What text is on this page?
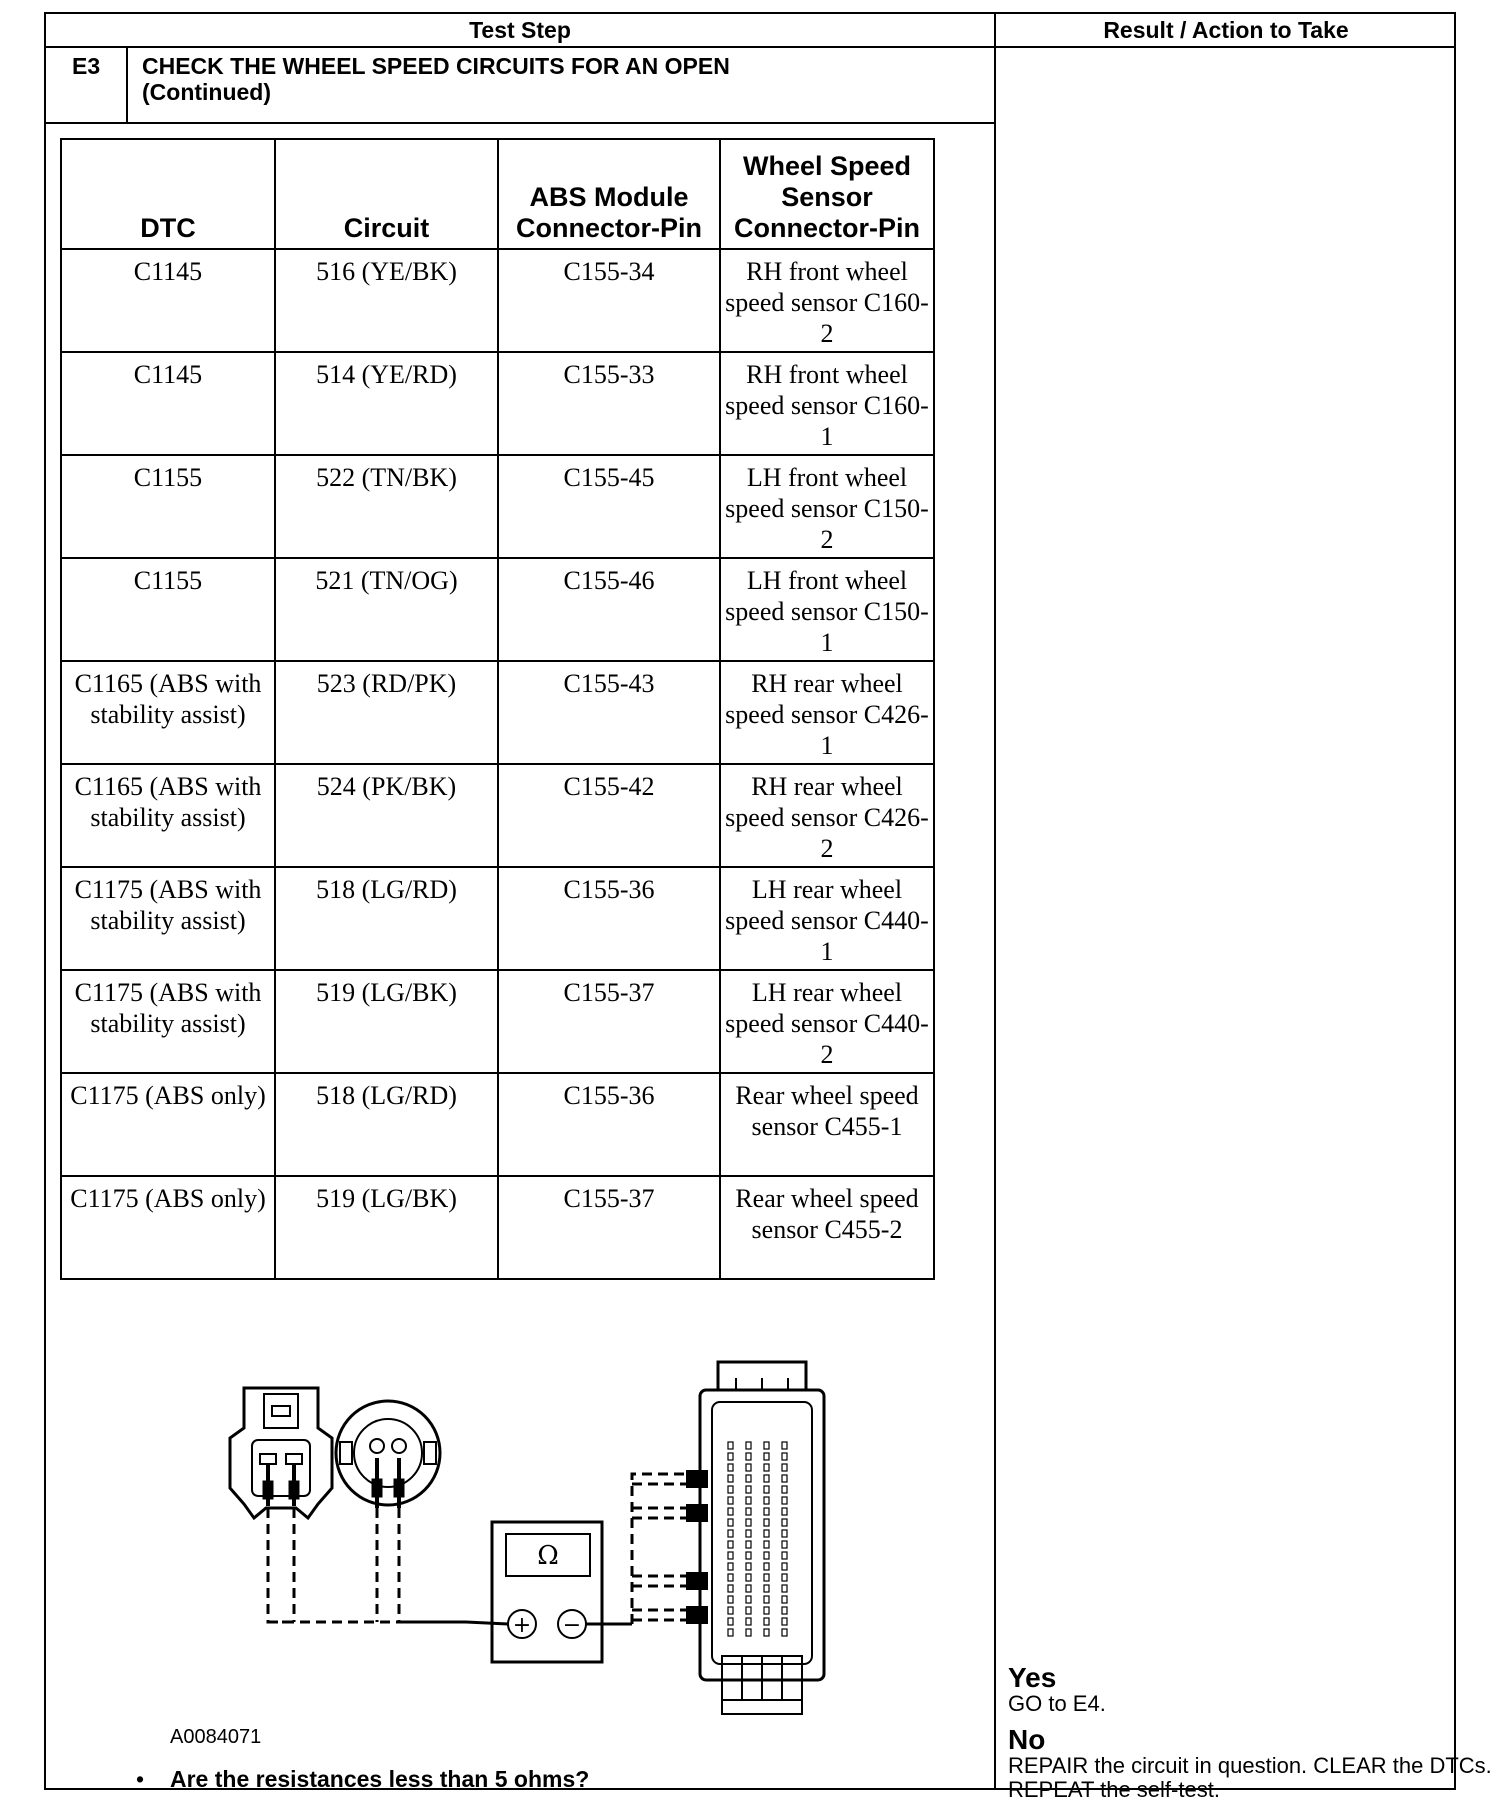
Test Step	Result / Action to Take
E3	CHECK THE WHEEL SPEED CIRCUITS FOR AN OPEN
(Continued)
DTC	Circuit	ABS Module Connector-Pin	Wheel Speed Sensor Connector-Pin
C1145	516 (YE/BK)	C155-34	RH front wheel speed sensor C160-2
C1145	514 (YE/RD)	C155-33	RH front wheel speed sensor C160-1
C1155	522 (TN/BK)	C155-45	LH front wheel speed sensor C150-2
C1155	521 (TN/OG)	C155-46	LH front wheel speed sensor C150-1
C1165 (ABS with stability assist)	523 (RD/PK)	C155-43	RH rear wheel speed sensor C426-1
C1165 (ABS with stability assist)	524 (PK/BK)	C155-42	RH rear wheel speed sensor C426-2
C1175 (ABS with stability assist)	518 (LG/RD)	C155-36	LH rear wheel speed sensor C440-1
C1175 (ABS with stability assist)	519 (LG/BK)	C155-37	LH rear wheel speed sensor C440-2
C1175 (ABS only)	518 (LG/RD)	C155-36	Rear wheel speed sensor C455-1
C1175 (ABS only)	519 (LG/BK)	C155-37	Rear wheel speed sensor C455-2
Ω
+ −
A0084071
• Are the resistances less than 5 ohms?
Yes
GO to E4.
No
REPAIR the circuit in question. CLEAR the DTCs. REPEAT the self-test.
